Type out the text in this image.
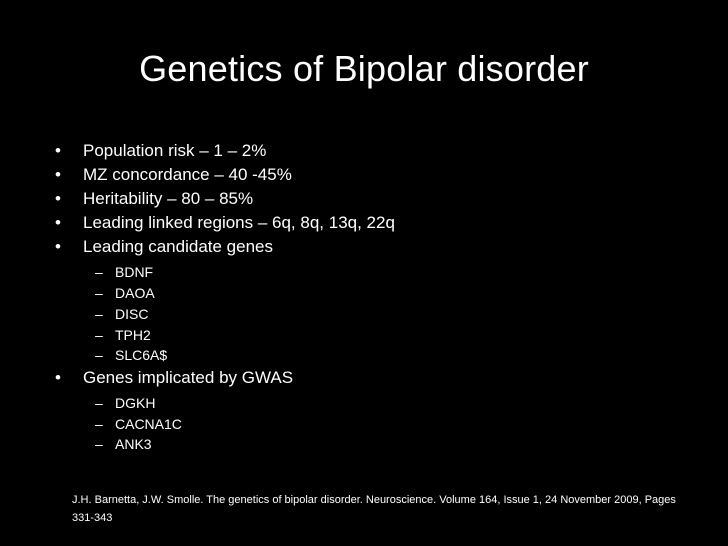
Genetics of Bipolar disorder
• Population risk – 1 – 2%
• MZ concordance – 40 -45%
• Heritability – 80 – 85%
• Leading linked regions – 6q, 8q, 13q, 22q
• Leading candidate genes
– BDNF
– DAOA
– DISC
– TPH2
– SLC6A$
• Genes implicated by GWAS
– DGKH
– CACNA1C
– ANK3
J.H. Barnetta, J.W. Smolle. The genetics of bipolar disorder. Neuroscience. Volume 164, Issue 1, 24 November 2009, Pages 331-343
